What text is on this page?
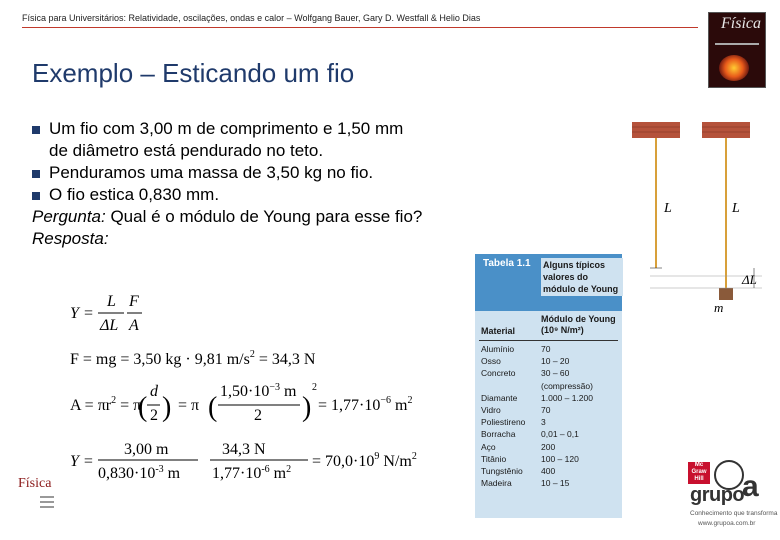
Física para Universitários: Relatividade, oscilações, ondas e calor – Wolfgang Bauer, Gary D. Westfall & Helio Dias	Física
Exemplo – Esticando um fio
Um fio com 3,00 m de comprimento e 1,50 mm
de diâmetro está pendurado no teto.
Penduramos uma massa de 3,50 kg no fio.
O fio estica 0,830 mm.
Pergunta: Qual é o módulo de Young para esse fio?
Resposta:
Y =
L
ΔL
F
A
F = mg = 3,50 kg · 9,81 $m/s^2 = 34,3$ N
$A = \pi r^2 = \pi$
d
2
( ) = π (
$1,50\cdot 10^{-3}$ m
2 )
2
= $1,77\cdot 10^{-6}$ $m^2$
Y =
3,00 m
$0,830\cdot 10^{-3}$ m
34,3 N
$1,77\cdot 10^{-6}$ $m^2 = 70,0\cdot 10^9$ $N/m^2$
Tabela 1.1 Alguns típicos valores do módulo de Young
Material
Módulo de Young (10⁹ N/m²)
Alumínio	70
Osso	10 – 20
Concreto	30 – 60
(compressão)
Diamante	1.000 – 1.200
Vidro	70
Poliestireno 3
Borracha	0,01 – 0,1
Aço	200
Titânio	100 – 120
Tungstênio 400
Madeira	10 – 15
L	L
ΔL
m
Física
Mc Graw Hill
grupo
a
Conhecimento que transforma
www.grupoa.com.br
